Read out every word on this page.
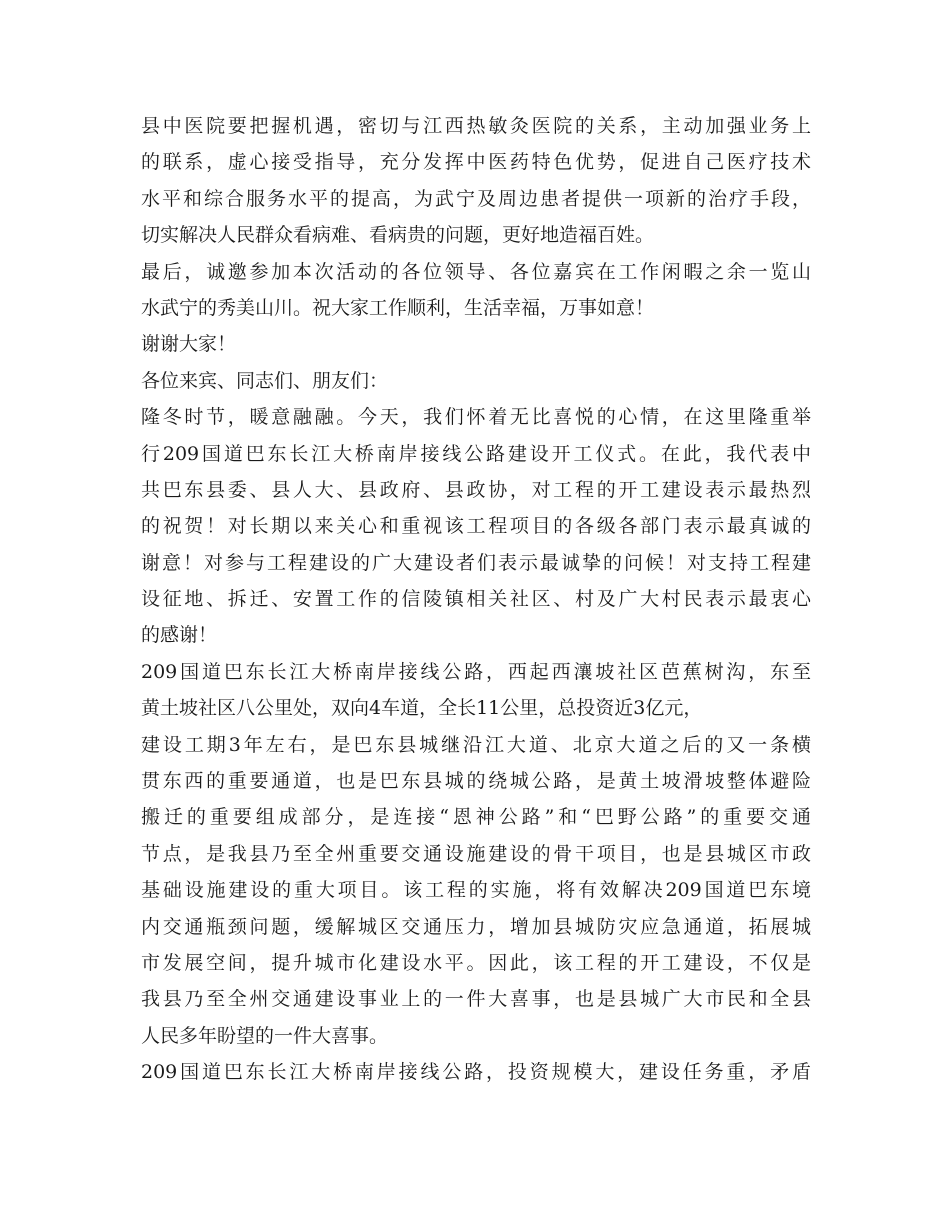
县中医院要把握机遇，密切与江西热敏灸医院的关系，主动加强业务上
的联系，虚心接受指导，充分发挥中医药特色优势，促进自己医疗技术
水平和综合服务水平的提高，为武宁及周边患者提供一项新的治疗手段，
切实解决人民群众看病难、看病贵的问题，更好地造福百姓。
最后，诚邀参加本次活动的各位领导、各位嘉宾在工作闲暇之余一览山
水武宁的秀美山川。祝大家工作顺利，生活幸福，万事如意！
谢谢大家！
各位来宾、同志们、朋友们：
隆冬时节，暖意融融。今天，我们怀着无比喜悦的心情，在这里隆重举
行209国道巴东长江大桥南岸接线公路建设开工仪式。在此，我代表中
共巴东县委、县人大、县政府、县政协，对工程的开工建设表示最热烈
的祝贺！对长期以来关心和重视该工程项目的各级各部门表示最真诚的
谢意！对参与工程建设的广大建设者们表示最诚挚的问候！对支持工程建
设征地、拆迁、安置工作的信陵镇相关社区、村及广大村民表示最衷心
的感谢！
209国道巴东长江大桥南岸接线公路，西起西瀼坡社区芭蕉树沟，东至
黄土坡社区八公里处，双向4车道，全长11公里，总投资近3亿元，
建设工期3年左右，是巴东县城继沿江大道、北京大道之后的又一条横
贯东西的重要通道，也是巴东县城的绕城公路，是黄土坡滑坡整体避险
搬迁的重要组成部分，是连接“恩神公路”和“巴野公路”的重要交通
节点，是我县乃至全州重要交通设施建设的骨干项目，也是县城区市政
基础设施建设的重大项目。该工程的实施，将有效解决209国道巴东境
内交通瓶颈问题，缓解城区交通压力，增加县城防灾应急通道，拓展城
市发展空间，提升城市化建设水平。因此，该工程的开工建设，不仅是
我县乃至全州交通建设事业上的一件大喜事，也是县城广大市民和全县
人民多年盼望的一件大喜事。
209国道巴东长江大桥南岸接线公路，投资规模大，建设任务重，矛盾
